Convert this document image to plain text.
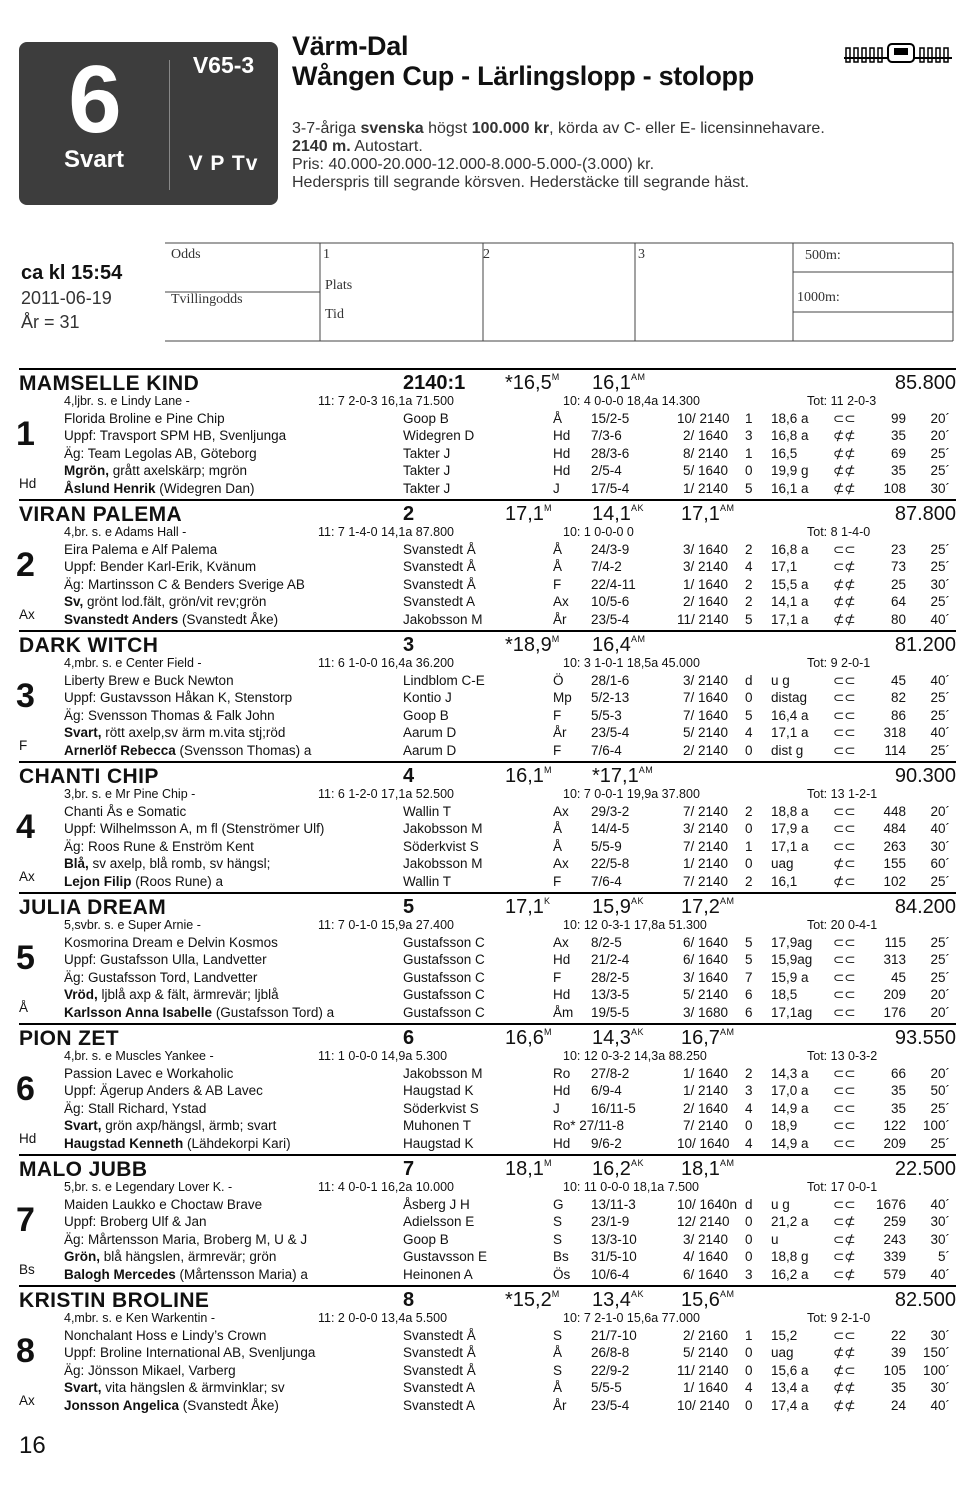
6
Svart
V65-3
V P Tv
Värm-Dal
Wången Cup - Lärlingslopp - stolopp
3-7-åriga svenska högst 100.000 kr, körda av C- eller E- licensinnehavare.
2140 m. Autostart.
Pris: 40.000-20.000-12.000-8.000-5.000-(3.000) kr.
Hederspris till segrande körsven. Hederstäcke till segrande häst.
ca kl 15:54
2011-06-19
År = 31
Odds
Tvillingodds
1	2	3
Plats
Tid
500m:
1000m:
MAMSELLE KIND	2140:1 $*16,5^M$ $16,1^{AM}$	85.800
4,ljbr. s. e Lindy Lane -	11: 7 2-0-3 16,1a 71.500	10: 4 0-0-0 18,4a 14.300	Tot: 11 2-0-3
Florida Broline e Pine Chip	Goop B	Å 15/2-5	10/ 2140 1 18,6 a ⊂⊂	99	20´
Uppf: Travsport SPM HB, Svenljunga	Widegren D	Hd 7/3-6	2/ 1640 3 16,8 a ⊄⊄	35	20´
Äg: Team Legolas AB, Göteborg	Takter J	Hd 28/3-6	8/ 2140 1 16,5	⊄⊄	69	25´
Mgrön, grått axelskärp; mgrön	Takter J	Hd 2/5-4	5/ 1640 0 19,9 g ⊄⊄	35	25´
Åslund Henrik (Widegren Dan)	Takter J	J 17/5-4	1/ 2140 5 16,1 a ⊄⊄	108	30´
1
Hd
VIRAN PALEMA	2	$17,1^M$ $14,1^{AK}$ $17,1^{AM}$	87.800
4,br. s. e Adams Hall -	11: 7 1-4-0 14,1a 87.800	10: 1 0-0-0 0	Tot: 8 1-4-0
Eira Palema e Alf Palema	Svanstedt Å	Å 24/3-9	3/ 1640 2 16,8 a ⊂⊂	23	25´
Uppf: Bender Karl-Erik, Kvänum	Svanstedt Å	Å 7/4-2	3/ 2140 4 17,1	⊂⊄	73	25´
Äg: Martinsson C & Benders Sverige AB	Svanstedt Å	F 22/4-11	1/ 1640 2 15,5 a ⊄⊄	25	30´
Sv, grönt lod.fält, grön/vit rev;grön	Svanstedt A	Ax 10/5-6	2/ 1640 2 14,1 a ⊄⊄	64	25´
Svanstedt Anders (Svanstedt Åke)	Jakobsson M	År 23/5-4	11/ 2140 5 17,1 a ⊄⊄	80	40´
2
Ax
DARK WITCH	3	$*18,9^M$ $16,4^{AM}$	81.200
4,mbr. s. e Center Field -	11: 6 1-0-0 16,4a 36.200	10: 3 1-0-1 18,5a 45.000	Tot: 9 2-0-1
Liberty Brew e Buck Newton	Lindblom C-E	Ö 28/1-6	3/ 2140 d u g	⊂⊂	45	40´
Uppf: Gustavsson Håkan K, Stenstorp	Kontio J	Mp 5/2-13	7/ 1640 0 distag ⊂⊂	82	25´
Äg: Svensson Thomas & Falk John	Goop B	F 5/5-3	7/ 1640 5 16,4 a ⊂⊂	86	25´
Svart, rött axelp,sv ärm m.vita stj;röd	Aarum D	År 23/5-4	5/ 2140 4 17,1 a ⊂⊂	318	40´
Arnerlöf Rebecca (Svensson Thomas) a	Aarum D	F 7/6-4	2/ 2140 0 dist g ⊂⊂	114	25´
3
F
CHANTI CHIP	4	$16,1^M$ $*17,1^{AM}$	90.300
3,br. s. e Mr Pine Chip -	11: 6 1-2-0 17,1a 52.500	10: 7 0-0-1 19,9a 37.800	Tot: 13 1-2-1
Chanti Ås e Somatic	Wallin T	Ax 29/3-2	7/ 2140 2 18,8 a ⊂⊂	448	20´
Uppf: Wilhelmsson A, m fl (Stenströmer Ulf)	Jakobsson M	Å 14/4-5	3/ 2140 0 17,9 a ⊂⊂	484	40´
Äg: Roos Rune & Enström Kent	Söderkvist S	Å 5/5-9	7/ 2140 1 17,1 a ⊂⊂	263	30´
Blå, sv axelp, blå romb, sv hängsl;	Jakobsson M	Ax 22/5-8	1/ 2140 0 uag	⊄⊂	155	60´
Lejon Filip (Roos Rune) a	Wallin T	F 7/6-4	7/ 2140 2 16,1	⊄⊂	102	25´
4
Ax
JULIA DREAM	5	$17,1^K$ $15,9^{AK}$ $17,2^{AM}$	84.200
5,svbr. s. e Super Arnie -	11: 7 0-1-0 15,9a 27.400	10: 12 0-3-1 17,8a 51.300	Tot: 20 0-4-1
Kosmorina Dream e Delvin Kosmos	Gustafsson C	Ax 8/2-5	6/ 1640 5 17,9ag ⊂⊂	115	25´
Uppf: Gustafsson Ulla, Landvetter	Gustafsson C	Hd 21/2-4	6/ 1640 5 15,9ag ⊂⊂	313	25´
Äg: Gustafsson Tord, Landvetter	Gustafsson C	F 28/2-5	3/ 1640 7 15,9 a ⊂⊂	45	25´
Vröd, ljblå axp & fält, ärmrevär; ljblå	Gustafsson C	Hd 13/3-5	5/ 2140 6 18,5	⊂⊂	209	20´
Karlsson Anna Isabelle (Gustafsson Tord) a	Gustafsson C	Åm 19/5-5	3/ 1680 6 17,1ag ⊂⊂	176	20´
5
Å
PION ZET	6	$16,6^M$ $14,3^{AK}$ $16,7^{AM}$	93.550
4,br. s. e Muscles Yankee -	11: 1 0-0-0 14,9a 5.300	10: 12 0-3-2 14,3a 88.250	Tot: 13 0-3-2
Passion Lavec e Workaholic	Jakobsson M	Ro 27/8-2	1/ 1640 2 14,3 a ⊂⊂	66	20´
Uppf: Ägerup Anders & AB Lavec	Haugstad K	Hd 6/9-4	1/ 2140 3 17,0 a ⊂⊂	35	50´
Äg: Stall Richard, Ystad	Söderkvist S	J 16/11-5	2/ 1640 4 14,9 a ⊂⊂	35	25´
Svart, grön axp/hängsl, ärmb; svart	Muhonen T	Ro* 27/11-8	7/ 2140 0 18,9	⊂⊂	122	100´
Haugstad Kenneth (Lähdekorpi Kari)	Haugstad K	Hd 9/6-2	10/ 1640 4 14,9 a ⊂⊂	209	25´
6
Hd
MALO JUBB	7	$18,1^M$ $16,2^{AK}$ $18,1^{AM}$	22.500
5,br. s. e Legendary Lover K. -	11: 4 0-0-1 16,2a 10.000	10: 11 0-0-0 18,1a 7.500	Tot: 17 0-0-1
Maiden Laukko e Choctaw Brave	Åsberg J H	G 13/11-3	10/ 1640n d u g	⊂⊂	1676	40´
Uppf: Broberg Ulf & Jan	Adielsson E	S 23/1-9	12/ 2140 0 21,2 a ⊂⊄	259	30´
Äg: Mårtensson Maria, Broberg M, U & J	Goop B	S 13/3-10	3/ 2140 0 u	⊂⊄	243	30´
Grön, blå hängslen, ärmrevär; grön	Gustavsson E	Bs 31/5-10	4/ 1640 0 18,8 g ⊂⊄	339	5´
Balogh Mercedes (Mårtensson Maria) a	Heinonen A	Ös 10/6-4	6/ 1640 3 16,2 a ⊂⊄	579	40´
7
Bs
KRISTIN BROLINE	8	$*15,2^M$ $13,4^{AK}$ $15,6^{AM}$	82.500
4,mbr. s. e Ken Warkentin -	11: 2 0-0-0 13,4a 5.500	10: 7 2-1-0 15,6a 77.000	Tot: 9 2-1-0
Nonchalant Hoss e Lindy’s Crown	Svanstedt Å	S 21/7-10	2/ 2160 1 15,2	⊂⊂	22	30´
Uppf: Broline International AB, Svenljunga	Svanstedt Å	Å 26/8-8	5/ 2140 0 uag	⊄⊄	39	150´
Äg: Jönsson Mikael, Varberg	Svanstedt Å	S 22/9-2	11/ 2140 0 15,6 a ⊄⊂	105	100´
Svart, vita hängslen & ärmvinklar; sv	Svanstedt A	Å 5/5-5	1/ 1640 4 13,4 a ⊄⊄	35	30´
Jonsson Angelica (Svanstedt Åke)	Svanstedt A	År 23/5-4	10/ 2140 0 17,4 a ⊄⊄	24	40´
8
Ax
16
